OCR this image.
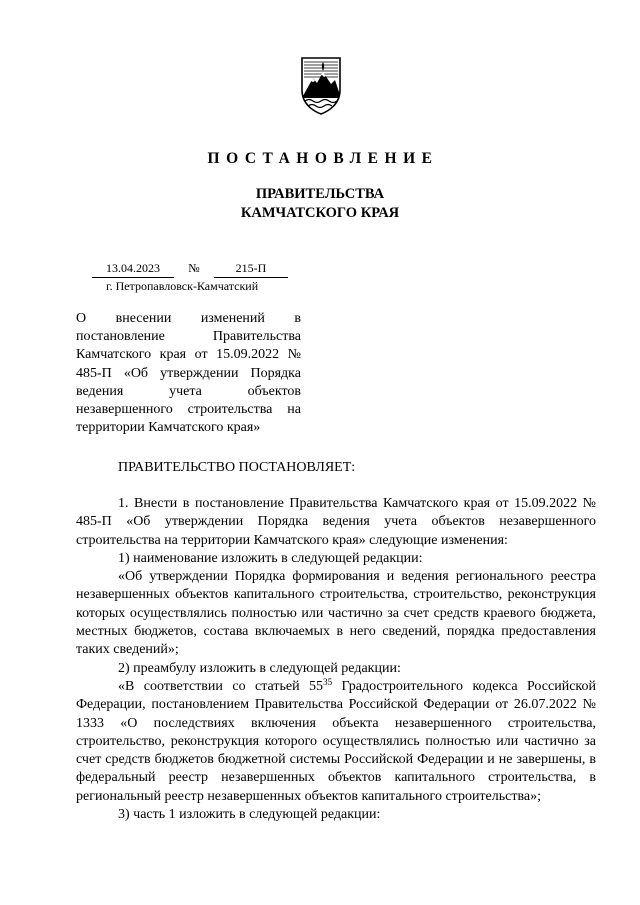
ПОСТАНОВЛЕНИЕ
ПРАВИТЕЛЬСТВА
КАМЧАТСКОГО КРАЯ
13.04.2023 №	215-П
г. Петропавловск-Камчатский
О внесении изменений в постановление Правительства Камчатского края от 15.09.2022 № 485-П «Об утверждении Порядка ведения учета объектов незавершенного строительства на территории Камчатского края»
ПРАВИТЕЛЬСТВО ПОСТАНОВЛЯЕТ:

1. Внести в постановление Правительства Камчатского края от 15.09.2022 № 485-П «Об утверждении Порядка ведения учета объектов незавершенного строительства на территории Камчатского края» следующие изменения:

1) наименование изложить в следующей редакции:

«Об утверждении Порядка формирования и ведения регионального реестра незавершенных объектов капитального строительства, строительство, реконструкция которых осуществлялись полностью или частично за счет средств краевого бюджета, местных бюджетов, состава включаемых в него сведений, порядка предоставления таких сведений»;

2) преамбулу изложить в следующей редакции:

«В соответствии со статьей $55^{35}$ Градостроительного кодекса Российской Федерации, постановлением Правительства Российской Федерации от 26.07.2022 № 1333 «О последствиях включения объекта незавершенного строительства, строительство, реконструкция которого осуществлялись полностью или частично за счет средств бюджетов бюджетной системы Российской Федерации и не завершены, в федеральный реестр незавершенных объектов капитального строительства, в региональный реестр незавершенных объектов капитального строительства»;

3) часть 1 изложить в следующей редакции:
